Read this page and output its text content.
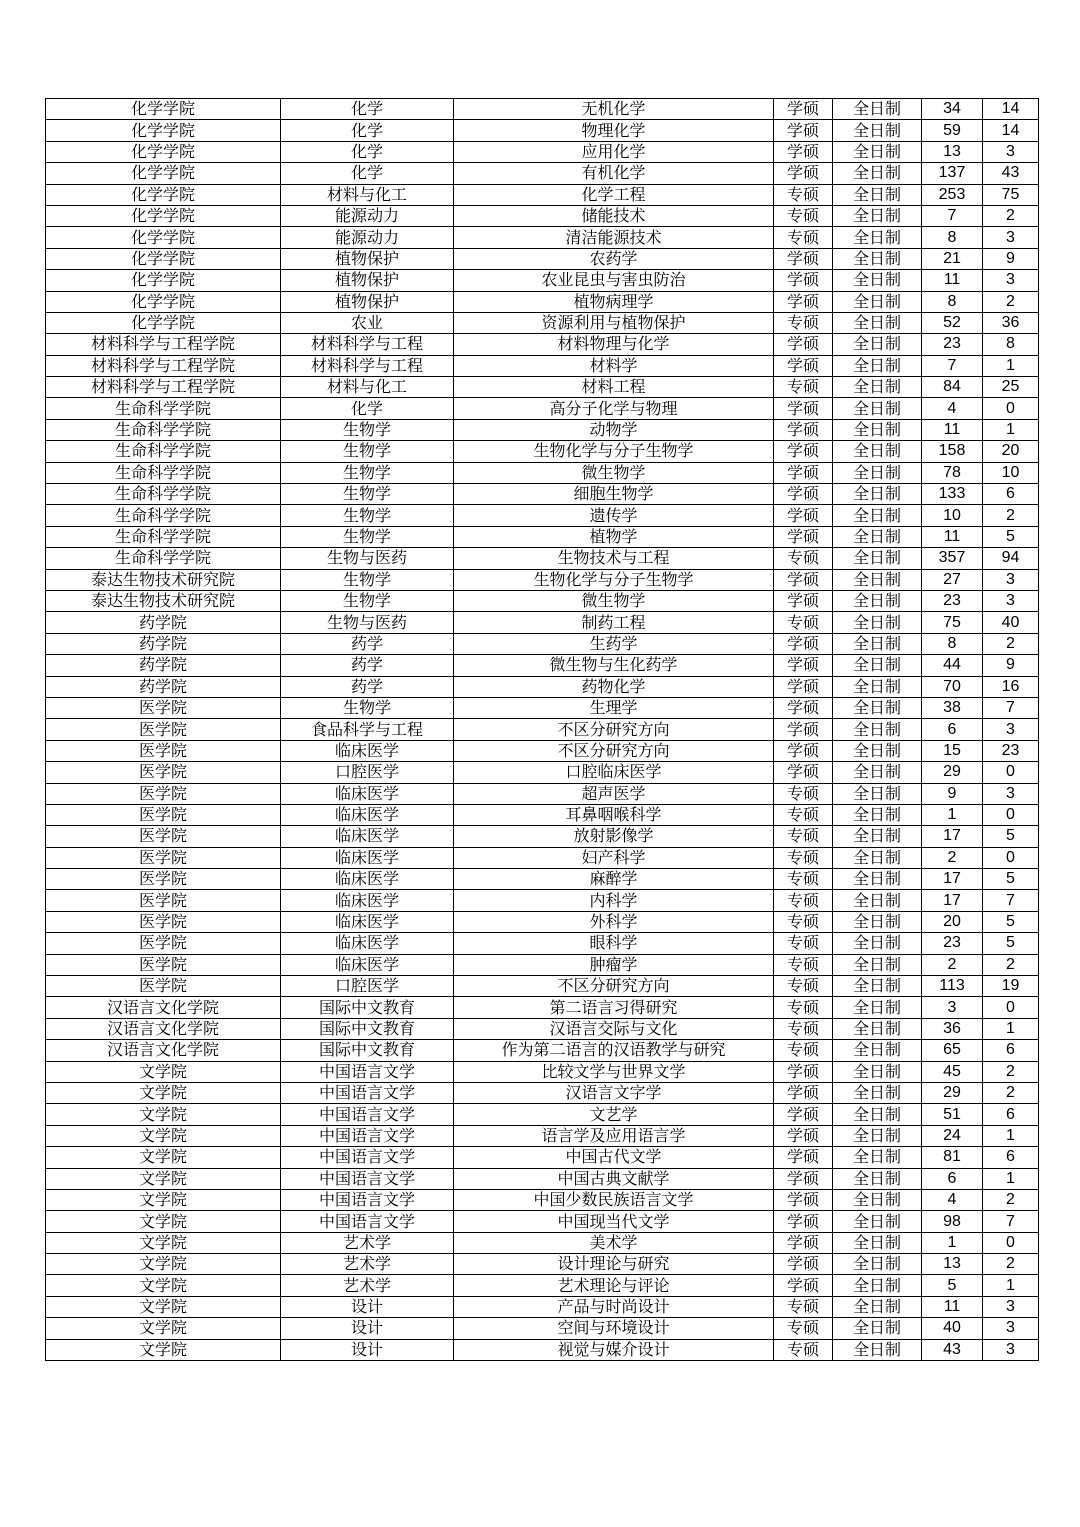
化学学院	化学	无机化学	学硕	全日制	34	14
化学学院	化学	物理化学	学硕	全日制	59	14
化学学院	化学	应用化学	学硕	全日制	13	3
化学学院	化学	有机化学	学硕	全日制	137	43
化学学院	材料与化工	化学工程	专硕	全日制	253	75
化学学院	能源动力	储能技术	专硕	全日制	7	2
化学学院	能源动力	清洁能源技术	专硕	全日制	8	3
化学学院	植物保护	农药学	学硕	全日制	21	9
化学学院	植物保护	农业昆虫与害虫防治	学硕	全日制	11	3
化学学院	植物保护	植物病理学	学硕	全日制	8	2
化学学院	农业	资源利用与植物保护	专硕	全日制	52	36
材料科学与工程学院	材料科学与工程	材料物理与化学	学硕	全日制	23	8
材料科学与工程学院	材料科学与工程	材料学	学硕	全日制	7	1
材料科学与工程学院	材料与化工	材料工程	专硕	全日制	84	25
生命科学学院	化学	高分子化学与物理	学硕	全日制	4	0
生命科学学院	生物学	动物学	学硕	全日制	11	1
生命科学学院	生物学	生物化学与分子生物学	学硕	全日制	158	20
生命科学学院	生物学	微生物学	学硕	全日制	78	10
生命科学学院	生物学	细胞生物学	学硕	全日制	133	6
生命科学学院	生物学	遗传学	学硕	全日制	10	2
生命科学学院	生物学	植物学	学硕	全日制	11	5
生命科学学院	生物与医药	生物技术与工程	专硕	全日制	357	94
泰达生物技术研究院	生物学	生物化学与分子生物学	学硕	全日制	27	3
泰达生物技术研究院	生物学	微生物学	学硕	全日制	23	3
药学院	生物与医药	制药工程	专硕	全日制	75	40
药学院	药学	生药学	学硕	全日制	8	2
药学院	药学	微生物与生化药学	学硕	全日制	44	9
药学院	药学	药物化学	学硕	全日制	70	16
医学院	生物学	生理学	学硕	全日制	38	7
医学院	食品科学与工程	不区分研究方向	学硕	全日制	6	3
医学院	临床医学	不区分研究方向	学硕	全日制	15	23
医学院	口腔医学	口腔临床医学	学硕	全日制	29	0
医学院	临床医学	超声医学	专硕	全日制	9	3
医学院	临床医学	耳鼻咽喉科学	专硕	全日制	1	0
医学院	临床医学	放射影像学	专硕	全日制	17	5
医学院	临床医学	妇产科学	专硕	全日制	2	0
医学院	临床医学	麻醉学	专硕	全日制	17	5
医学院	临床医学	内科学	专硕	全日制	17	7
医学院	临床医学	外科学	专硕	全日制	20	5
医学院	临床医学	眼科学	专硕	全日制	23	5
医学院	临床医学	肿瘤学	专硕	全日制	2	2
医学院	口腔医学	不区分研究方向	专硕	全日制	113	19
汉语言文化学院	国际中文教育	第二语言习得研究	专硕	全日制	3	0
汉语言文化学院	国际中文教育	汉语言交际与文化	专硕	全日制	36	1
汉语言文化学院	国际中文教育	作为第二语言的汉语教学与研究	专硕	全日制	65	6
文学院	中国语言文学	比较文学与世界文学	学硕	全日制	45	2
文学院	中国语言文学	汉语言文字学	学硕	全日制	29	2
文学院	中国语言文学	文艺学	学硕	全日制	51	6
文学院	中国语言文学	语言学及应用语言学	学硕	全日制	24	1
文学院	中国语言文学	中国古代文学	学硕	全日制	81	6
文学院	中国语言文学	中国古典文献学	学硕	全日制	6	1
文学院	中国语言文学	中国少数民族语言文学	学硕	全日制	4	2
文学院	中国语言文学	中国现当代文学	学硕	全日制	98	7
文学院	艺术学	美术学	学硕	全日制	1	0
文学院	艺术学	设计理论与研究	学硕	全日制	13	2
文学院	艺术学	艺术理论与评论	学硕	全日制	5	1
文学院	设计	产品与时尚设计	专硕	全日制	11	3
文学院	设计	空间与环境设计	专硕	全日制	40	3
文学院	设计	视觉与媒介设计	专硕	全日制	43	3
